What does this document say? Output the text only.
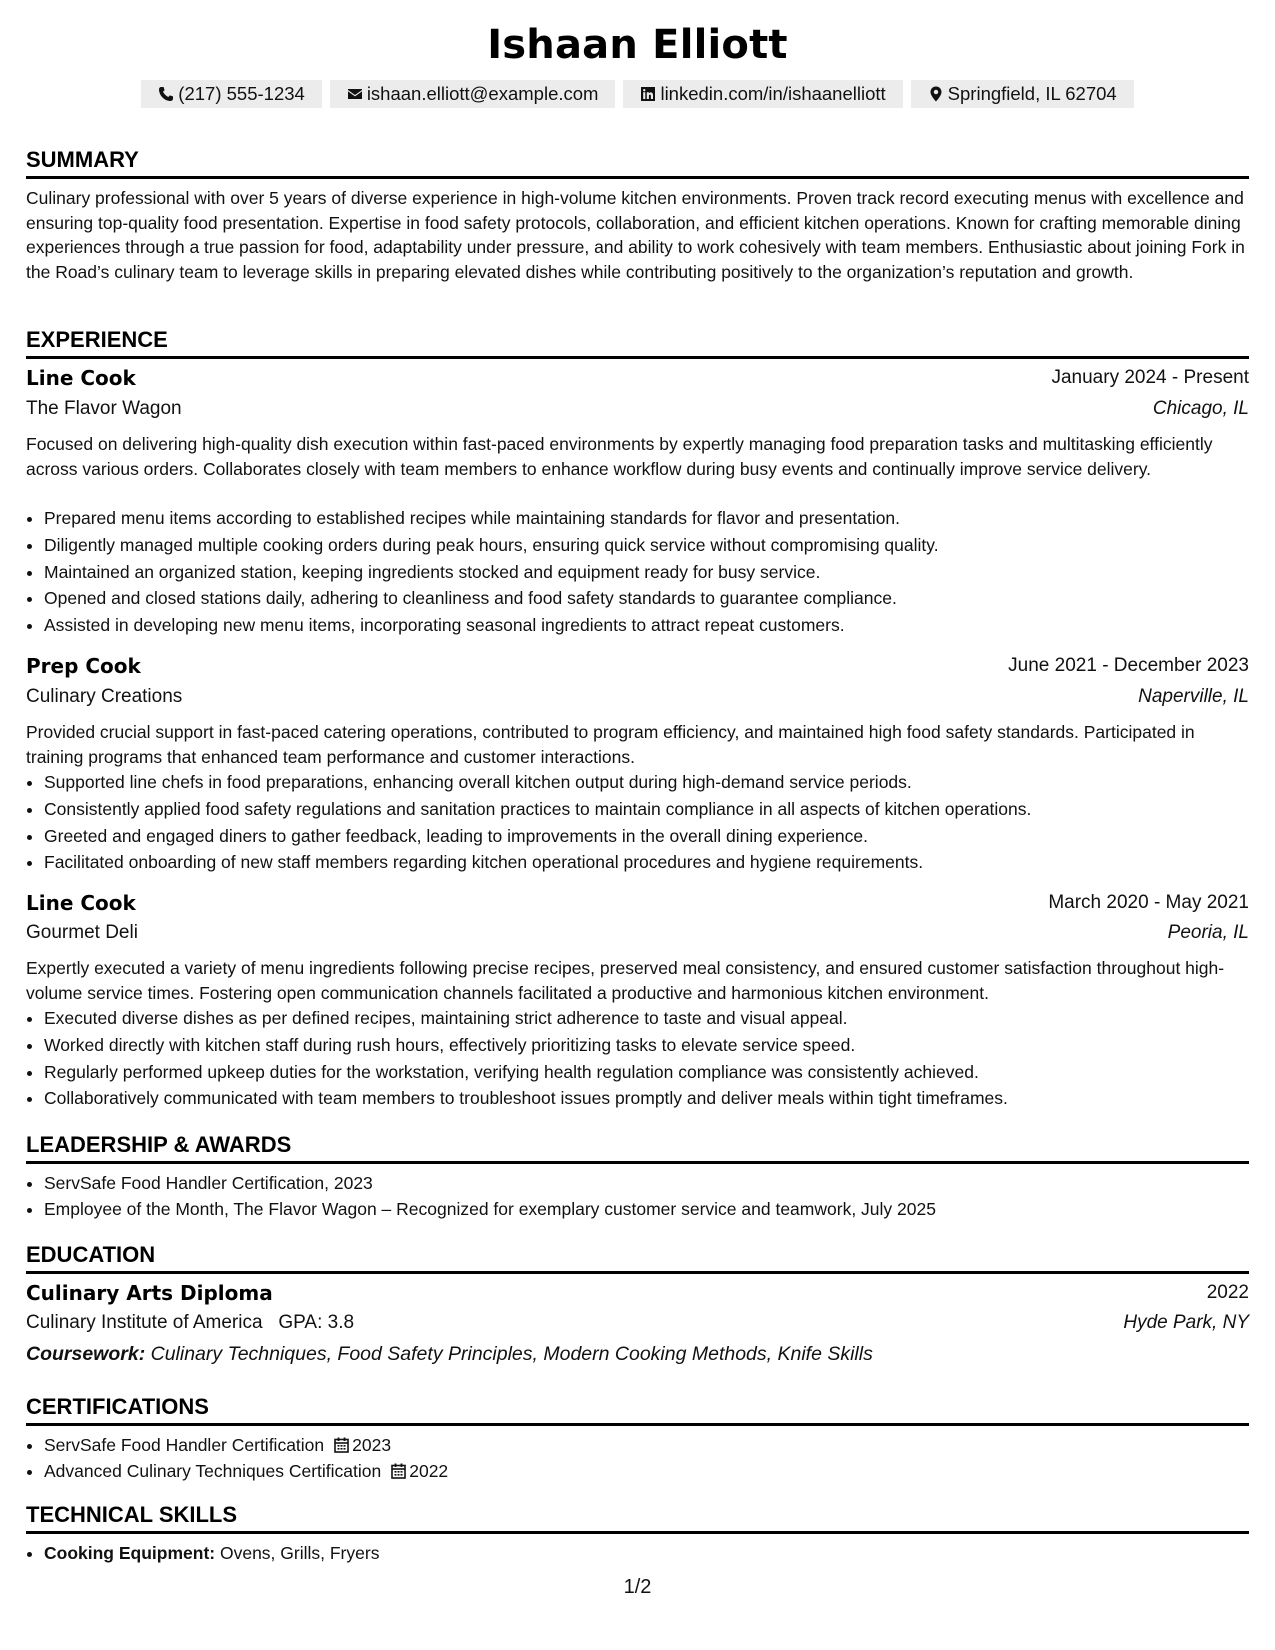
Ishaan Elliott
(217) 555-1234	ishaan.elliott@example.com	linkedin.com/in/ishaanelliott	Springfield, IL 62704
SUMMARY
Culinary professional with over 5 years of diverse experience in high-volume kitchen environments. Proven track record executing menus with excellence and ensuring top-quality food presentation. Expertise in food safety protocols, collaboration, and efficient kitchen operations. Known for crafting memorable dining experiences through a true passion for food, adaptability under pressure, and ability to work cohesively with team members. Enthusiastic about joining Fork in the Road’s culinary team to leverage skills in preparing elevated dishes while contributing positively to the organization’s reputation and growth.
EXPERIENCE
Line Cook	January 2024 - Present
The Flavor Wagon	Chicago, IL
Focused on delivering high-quality dish execution within fast-paced environments by expertly managing food preparation tasks and multitasking efficiently across various orders. Collaborates closely with team members to enhance workflow during busy events and continually improve service delivery.
• Prepared menu items according to established recipes while maintaining standards for flavor and presentation.
• Diligently managed multiple cooking orders during peak hours, ensuring quick service without compromising quality.
• Maintained an organized station, keeping ingredients stocked and equipment ready for busy service.
• Opened and closed stations daily, adhering to cleanliness and food safety standards to guarantee compliance.
• Assisted in developing new menu items, incorporating seasonal ingredients to attract repeat customers.
Prep Cook	June 2021 - December 2023
Culinary Creations	Naperville, IL
Provided crucial support in fast-paced catering operations, contributed to program efficiency, and maintained high food safety standards. Participated in training programs that enhanced team performance and customer interactions.
• Supported line chefs in food preparations, enhancing overall kitchen output during high-demand service periods.
• Consistently applied food safety regulations and sanitation practices to maintain compliance in all aspects of kitchen operations.
• Greeted and engaged diners to gather feedback, leading to improvements in the overall dining experience.
• Facilitated onboarding of new staff members regarding kitchen operational procedures and hygiene requirements.
Line Cook	March 2020 - May 2021
Gourmet Deli	Peoria, IL
Expertly executed a variety of menu ingredients following precise recipes, preserved meal consistency, and ensured customer satisfaction throughout high-volume service times. Fostering open communication channels facilitated a productive and harmonious kitchen environment.
• Executed diverse dishes as per defined recipes, maintaining strict adherence to taste and visual appeal.
• Worked directly with kitchen staff during rush hours, effectively prioritizing tasks to elevate service speed.
• Regularly performed upkeep duties for the workstation, verifying health regulation compliance was consistently achieved.
• Collaboratively communicated with team members to troubleshoot issues promptly and deliver meals within tight timeframes.
LEADERSHIP & AWARDS
• ServSafe Food Handler Certification, 2023
• Employee of the Month, The Flavor Wagon – Recognized for exemplary customer service and teamwork, July 2025
EDUCATION
Culinary Arts Diploma	2022
Culinary Institute of America GPA: 3.8	Hyde Park, NY
Coursework: Culinary Techniques, Food Safety Principles, Modern Cooking Methods, Knife Skills
CERTIFICATIONS
• ServSafe Food Handler Certification 2023
• Advanced Culinary Techniques Certification 2022
TECHNICAL SKILLS
• Cooking Equipment: Ovens, Grills, Fryers
1/2
